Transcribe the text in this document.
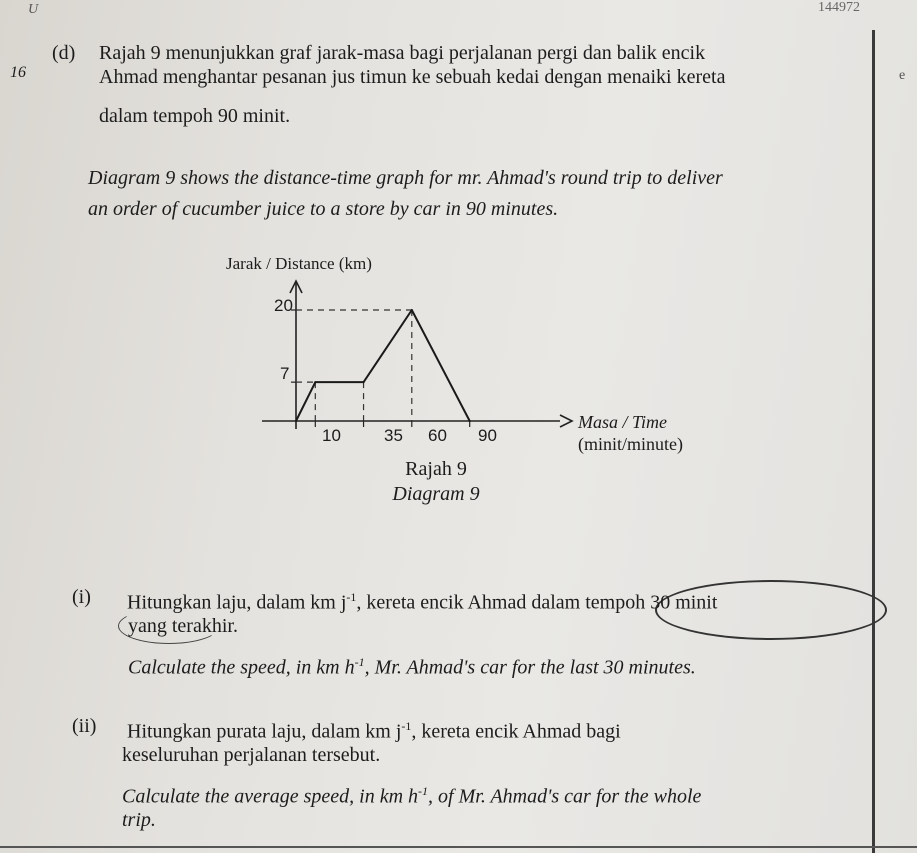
U	144972
16	e
(d) Rajah 9 menunjukkan graf jarak-masa bagi perjalanan pergi dan balik encik
Ahmad menghantar pesanan jus timun ke sebuah kedai dengan menaiki kereta
dalam tempoh 90 minit.
Diagram 9 shows the distance-time graph for mr. Ahmad's round trip to deliver
an order of cucumber juice to a store by car in 90 minutes.
Jarak / Distance (km)
Masa / Time
(minit/minute)
10	35 60 90
20
7
Rajah 9
Diagram 9
(i) Hitungkan laju, dalam km $j^{-1}$, kereta encik Ahmad dalam tempoh 30 minit
yang terakhir.
Calculate the speed, in km $h^{-1}$, Mr. Ahmad's car for the last 30 minutes.
(ii) Hitungkan purata laju, dalam km $j^{-1}$, kereta encik Ahmad bagi
keseluruhan perjalanan tersebut.
Calculate the average speed, in km $h^{-1}$, of Mr. Ahmad's car for the whole
trip.
